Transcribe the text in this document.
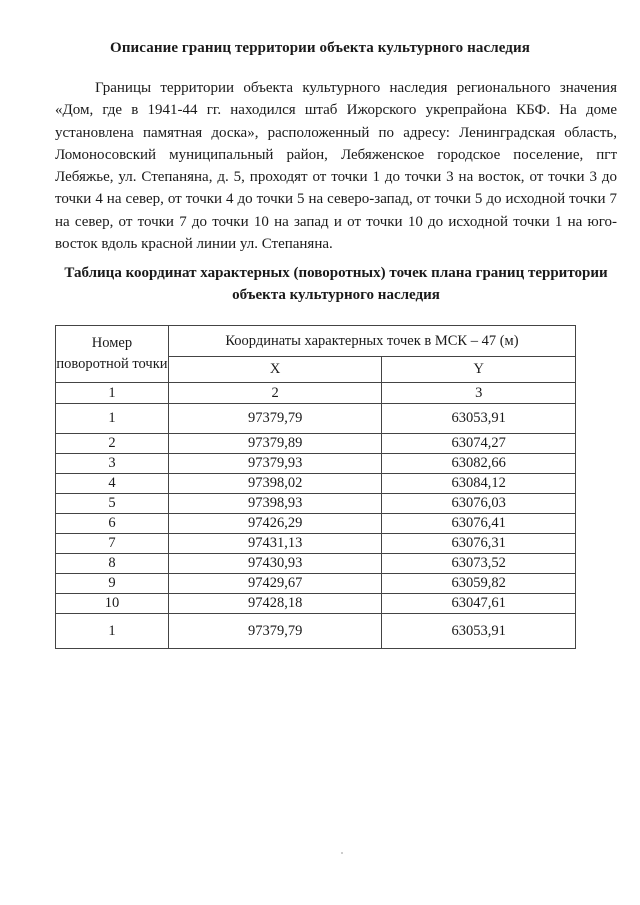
Описание границ территории объекта культурного наследия
Границы территории объекта культурного наследия регионального значения «Дом, где в 1941-44 гг. находился штаб Ижорского укрепрайона КБФ. На доме установлена памятная доска», расположенный по адресу: Ленинградская область, Ломоносовский муниципальный район, Лебяженское городское поселение, пгт Лебяжье, ул. Степаняна, д. 5, проходят от точки 1 до точки 3 на восток, от точки 3 до точки 4 на север, от точки 4 до точки 5 на северо-запад, от точки 5 до исходной точки 7 на север, от точки 7 до точки 10 на запад и от точки 10 до исходной точки 1 на юго-восток вдоль красной линии ул. Степаняна.
Таблица координат характерных (поворотных) точек плана границ территории
объекта культурного наследия
Номер поворотной точки	Координаты характерных точек в МСК – 47 (м)	
	X	Y
1	2	3
1	97379,79	63053,91
2	97379,89	63074,27
3	97379,93	63082,66
4	97398,02	63084,12
5	97398,93	63076,03
6	97426,29	63076,41
7	97431,13	63076,31
8	97430,93	63073,52
9	97429,67	63059,82
10	97428,18	63047,61
1	97379,79	63053,91
